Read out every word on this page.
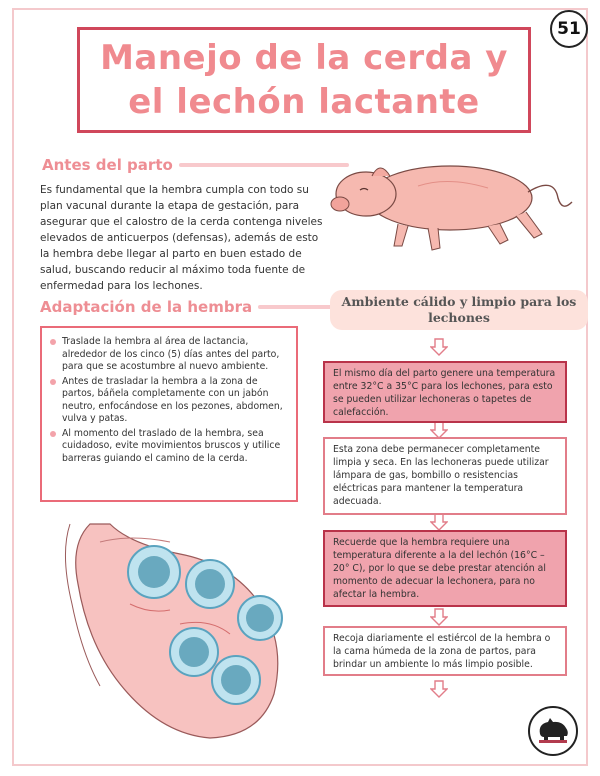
51
Manejo de la cerda y el lechón lactante
Antes del parto

Es fundamental que la hembra cumpla con todo su plan vacunal durante la etapa de gestación, para asegurar que el calostro de la cerda contenga niveles elevados de anticuerpos (defensas), además de esto la hembra debe llegar al parto en buen estado de salud, buscando reducir al máximo toda fuente de enfermedad para los lechones.

Adaptación de la hembra
Traslade la hembra al área de lactancia, alrededor de los cinco (5) días antes del parto, para que se acostumbre al nuevo ambiente.
Antes de trasladar la hembra a la zona de partos, báñela completamente con un jabón neutro, enfocándose en los pezones, abdomen, vulva y patas.
Al momento del traslado de la hembra, sea cuidadoso, evite movimientos bruscos y utilice barreras guiando el camino de la cerda.
Ambiente cálido y limpio para los lechones
El mismo día del parto genere una temperatura entre 32°C a 35°C para los lechones, para esto se pueden utilizar lechoneras o tapetes de calefacción.
Esta zona debe permanecer completamente limpia y seca. En las lechoneras puede utilizar lámpara de gas, bombillo o resistencias eléctricas para mantener la temperatura adecuada.
Recuerde que la hembra requiere una temperatura diferente a la del lechón (16°C – 20° C), por lo que se debe prestar atención al momento de adecuar la lechonera, para no afectar la hembra.
Recoja diariamente el estiércol de la hembra o la cama húmeda de la zona de partos, para brindar un ambiente lo más limpio posible.
